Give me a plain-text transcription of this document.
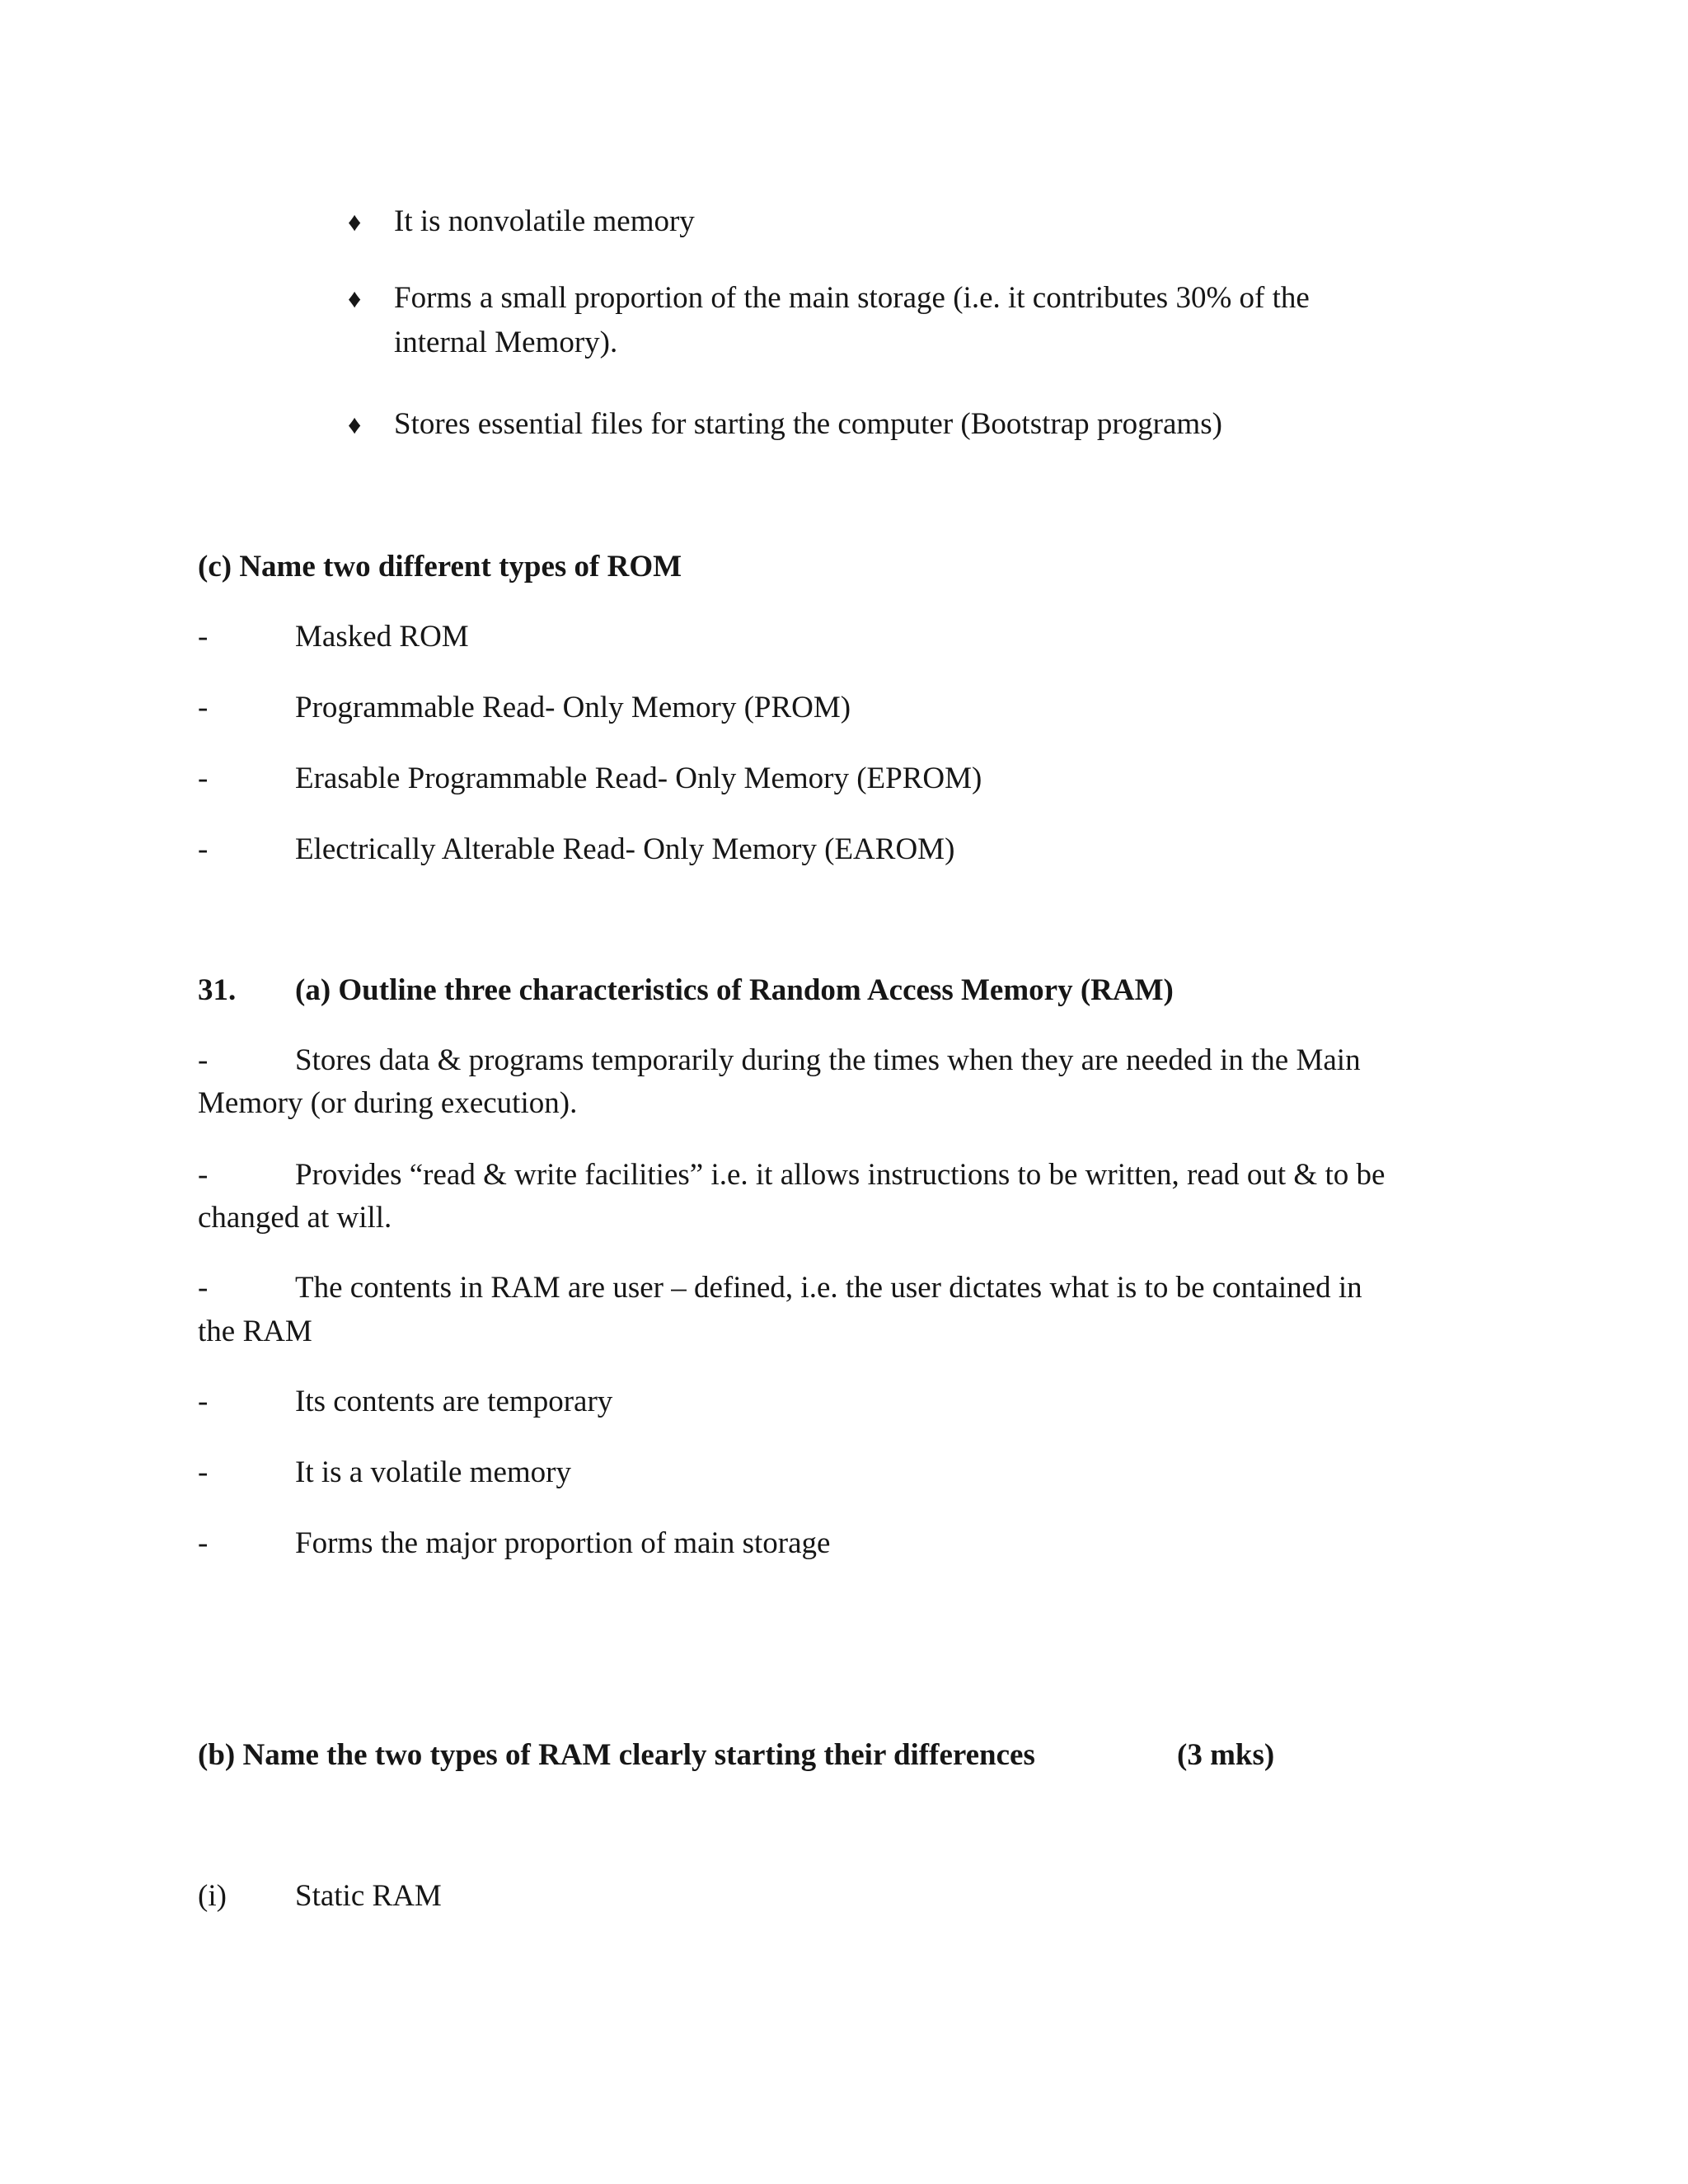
♦ It is nonvolatile memory
♦ Forms a small proportion of the main storage (i.e. it contributes 30% of the
internal Memory).
♦ Stores essential files for starting the computer (Bootstrap programs)
(c) Name two different types of ROM
-	Masked ROM
-	Programmable Read- Only Memory (PROM)
-	Erasable Programmable Read- Only Memory (EPROM)
-	Electrically Alterable Read- Only Memory (EAROM)
31. (a) Outline three characteristics of Random Access Memory (RAM)
-	Stores data & programs temporarily during the times when they are needed in the Main
Memory (or during execution).
-	Provides “read & write facilities” i.e. it allows instructions to be written, read out & to be
changed at will.
-	The contents in RAM are user – defined, i.e. the user dictates what is to be contained in
the RAM
-	Its contents are temporary
-	It is a volatile memory
-	Forms the major proportion of main storage
(b) Name the two types of RAM clearly starting their differences	(3 mks)
(i) Static RAM
